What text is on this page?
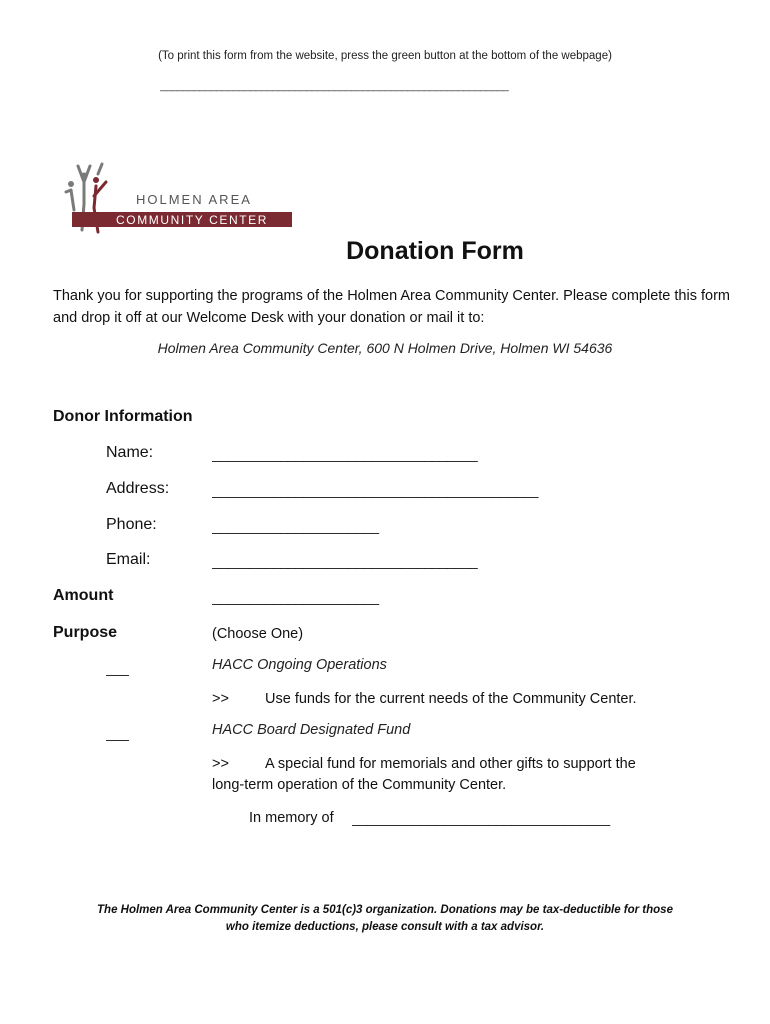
(To print this form from the website, press the green button at the bottom of the webpage)
______________________________________________________________
HOLMEN AREA
COMMUNITY CENTER
Donation Form
Thank you for supporting the programs of the Holmen Area Community Center. Please complete this form and drop it off at our Welcome Desk with your donation or mail it to:
Holmen Area Community Center, 600 N Holmen Drive, Holmen WI 54636
Donor Information
Name:	___________________________________
Address:	___________________________________________
Phone:	______________________
Email:	___________________________________
Amount	______________________
Purpose	(Choose One)
___	HACC Ongoing Operations
>> Use funds for the current needs of the Community Center.
___	HACC Board Designated Fund
>> A special fund for memorials and other gifts to support the
long-term operation of the Community Center.
In memory of __________________________________
The Holmen Area Community Center is a 501(c)3 organization. Donations may be tax-deductible for those
who itemize deductions, please consult with a tax advisor.
